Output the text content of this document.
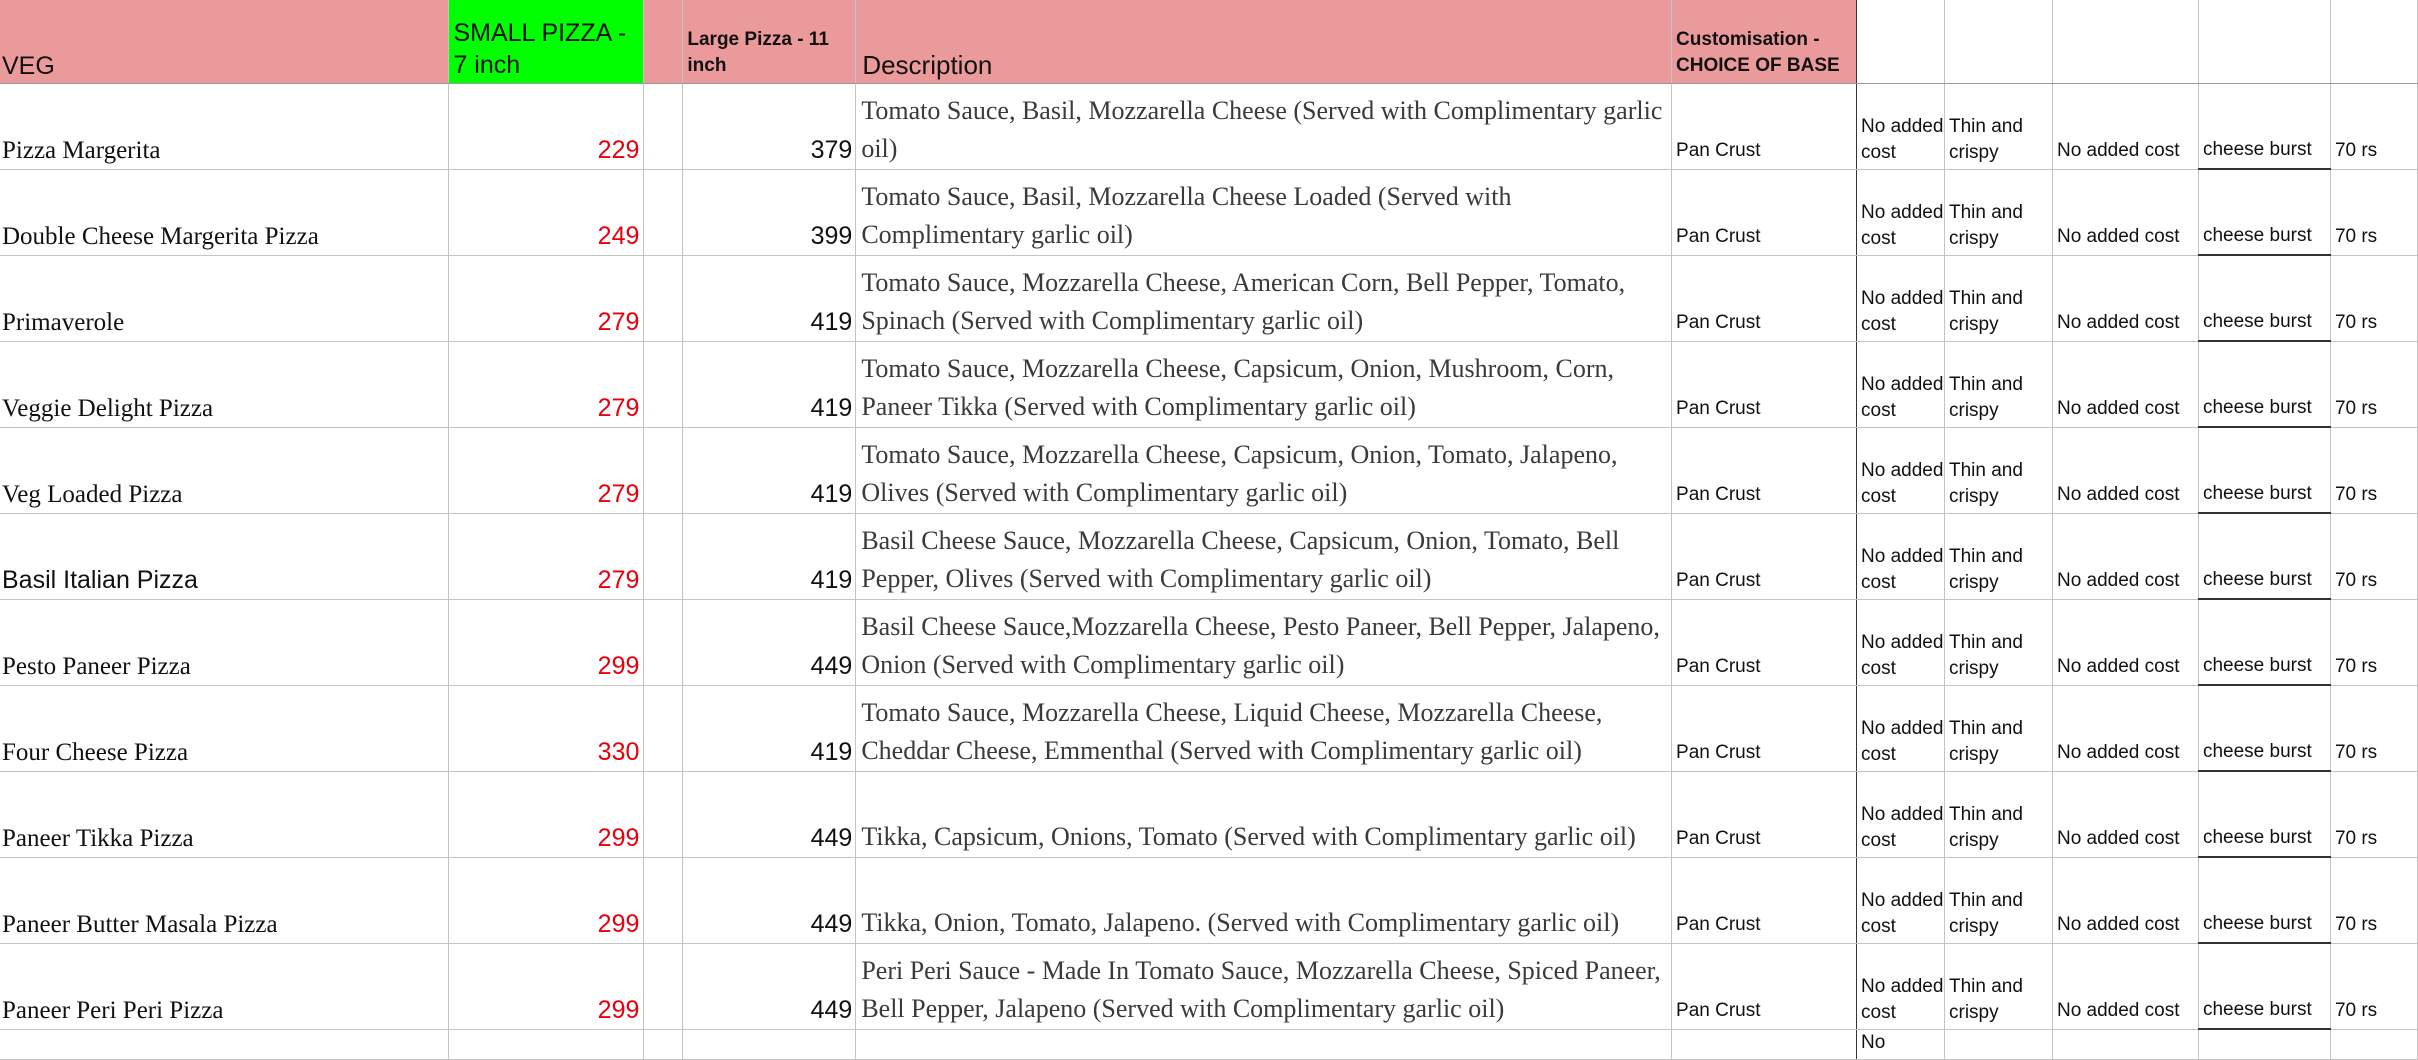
VEG	SMALL PIZZA - 7 inch		Large Pizza - 11 inch	Description	Customisation - CHOICE OF BASE					
Pizza Margerita	229		379	Tomato Sauce, Basil, Mozzarella Cheese (Served with Complimentary garlic oil)	Pan Crust	No added cost	Thin and crispy	No added cost	cheese burst	70 rs
Double Cheese Margerita Pizza	249		399	Tomato Sauce, Basil, Mozzarella Cheese Loaded (Served with Complimentary garlic oil)	Pan Crust	No added cost	Thin and crispy	No added cost	cheese burst	70 rs
Primaverole	279		419	Tomato Sauce, Mozzarella Cheese, American Corn, Bell Pepper, Tomato, Spinach (Served with Complimentary garlic oil)	Pan Crust	No added cost	Thin and crispy	No added cost	cheese burst	70 rs
Veggie Delight Pizza	279		419	Tomato Sauce, Mozzarella Cheese, Capsicum, Onion, Mushroom, Corn, Paneer Tikka (Served with Complimentary garlic oil)	Pan Crust	No added cost	Thin and crispy	No added cost	cheese burst	70 rs
Veg Loaded Pizza	279		419	Tomato Sauce, Mozzarella Cheese, Capsicum, Onion, Tomato, Jalapeno, Olives (Served with Complimentary garlic oil)	Pan Crust	No added cost	Thin and crispy	No added cost	cheese burst	70 rs
Basil Italian Pizza	279		419	Basil Cheese Sauce, Mozzarella Cheese, Capsicum, Onion, Tomato, Bell Pepper, Olives (Served with Complimentary garlic oil)	Pan Crust	No added cost	Thin and crispy	No added cost	cheese burst	70 rs
Pesto Paneer Pizza	299		449	Basil Cheese Sauce,Mozzarella Cheese, Pesto Paneer, Bell Pepper, Jalapeno, Onion (Served with Complimentary garlic oil)	Pan Crust	No added cost	Thin and crispy	No added cost	cheese burst	70 rs
Four Cheese Pizza	330		419	Tomato Sauce, Mozzarella Cheese, Liquid Cheese, Mozzarella Cheese, Cheddar Cheese, Emmenthal (Served with Complimentary garlic oil)	Pan Crust	No added cost	Thin and crispy	No added cost	cheese burst	70 rs
Paneer Tikka Pizza	299		449	Tikka, Capsicum, Onions, Tomato (Served with Complimentary garlic oil)	Pan Crust	No added cost	Thin and crispy	No added cost	cheese burst	70 rs
Paneer Butter Masala Pizza	299		449	Tikka, Onion, Tomato, Jalapeno. (Served with Complimentary garlic oil)	Pan Crust	No added cost	Thin and crispy	No added cost	cheese burst	70 rs
Paneer Peri Peri Pizza	299		449	Peri Peri Sauce - Made In Tomato Sauce, Mozzarella Cheese, Spiced Paneer, Bell Pepper, Jalapeno (Served with Complimentary garlic oil)	Pan Crust	No added cost	Thin and crispy	No added cost	cheese burst	70 rs
						No				
